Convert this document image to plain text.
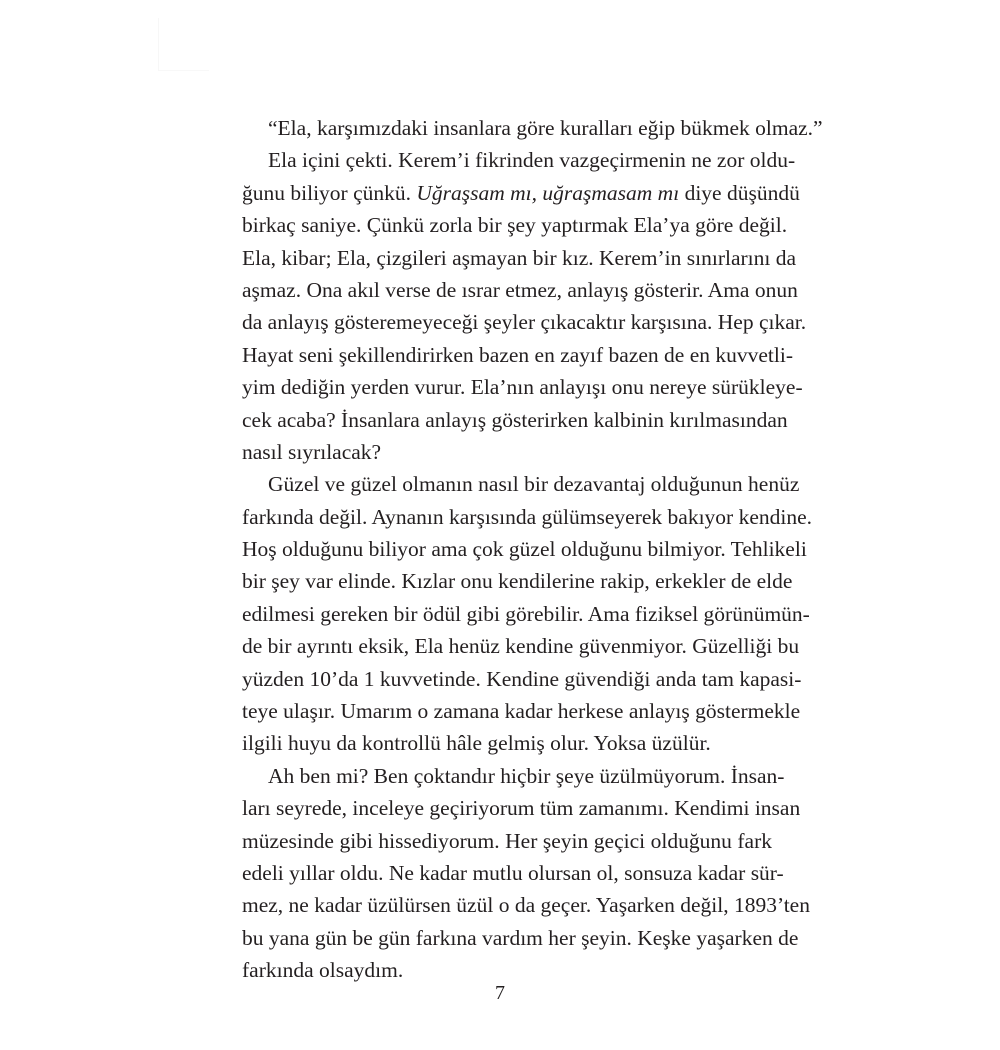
“Ela, karşımızdaki insanlara göre kuralları eğip bükmek olmaz.”
Ela içini çekti. Kerem’i fikrinden vazgeçirmenin ne zor oldu-
ğunu biliyor çünkü. Uğraşsam mı, uğraşmasam mı diye düşündü
birkaç saniye. Çünkü zorla bir şey yaptırmak Ela’ya göre değil.
Ela, kibar; Ela, çizgileri aşmayan bir kız. Kerem’in sınırlarını da
aşmaz. Ona akıl verse de ısrar etmez, anlayış gösterir. Ama onun
da anlayış gösteremeyeceği şeyler çıkacaktır karşısına. Hep çıkar.
Hayat seni şekillendirirken bazen en zayıf bazen de en kuvvetli-
yim dediğin yerden vurur. Ela’nın anlayışı onu nereye sürükleye-
cek acaba? İnsanlara anlayış gösterirken kalbinin kırılmasından
nasıl sıyrılacak?
Güzel ve güzel olmanın nasıl bir dezavantaj olduğunun henüz
farkında değil. Aynanın karşısında gülümseyerek bakıyor kendine.
Hoş olduğunu biliyor ama çok güzel olduğunu bilmiyor. Tehlikeli
bir şey var elinde. Kızlar onu kendilerine rakip, erkekler de elde
edilmesi gereken bir ödül gibi görebilir. Ama fiziksel görünümün-
de bir ayrıntı eksik, Ela henüz kendine güvenmiyor. Güzelliği bu
yüzden 10’da 1 kuvvetinde. Kendine güvendiği anda tam kapasi-
teye ulaşır. Umarım o zamana kadar herkese anlayış göstermekle
ilgili huyu da kontrollü hâle gelmiş olur. Yoksa üzülür.
Ah ben mi? Ben çoktandır hiçbir şeye üzülmüyorum. İnsan-
ları seyrede, inceleye geçiriyorum tüm zamanımı. Kendimi insan
müzesinde gibi hissediyorum. Her şeyin geçici olduğunu fark
edeli yıllar oldu. Ne kadar mutlu olursan ol, sonsuza kadar sür-
mez, ne kadar üzülürsen üzül o da geçer. Yaşarken değil, 1893’ten
bu yana gün be gün farkına vardım her şeyin. Keşke yaşarken de
farkında olsaydım.
7
